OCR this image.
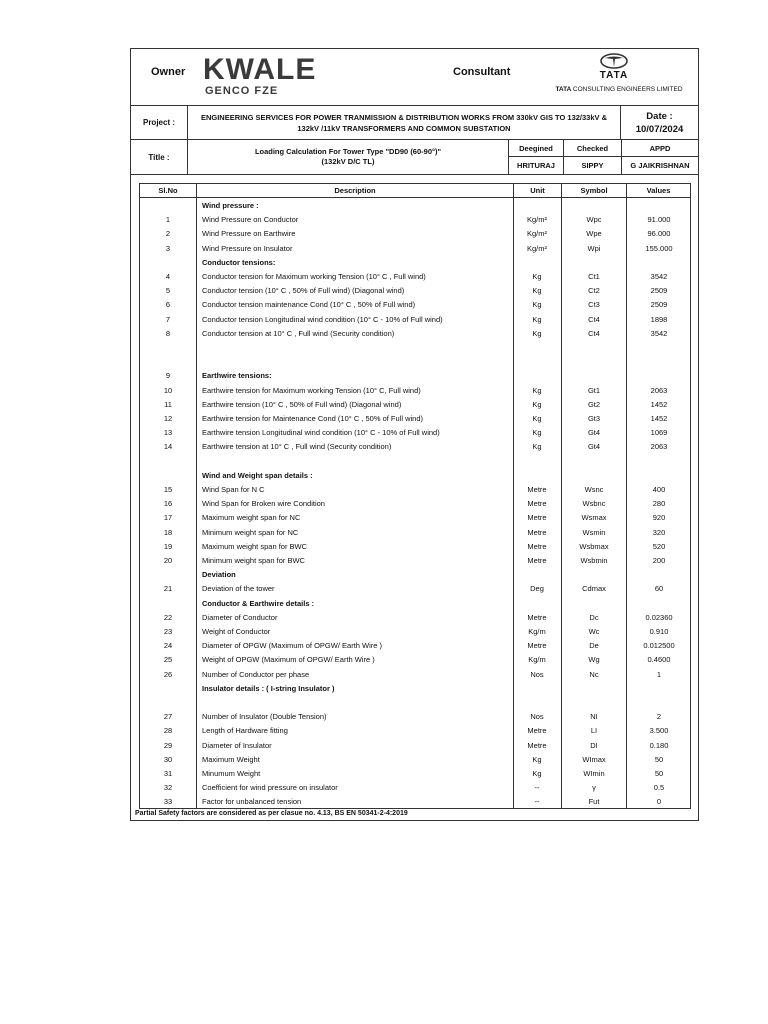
Owner KWALE
GENCO FZE
Consultant	TATA
TATA CONSULTING ENGINEERS LIMITED
Project :
ENGINEERING SERVICES FOR POWER TRANMISSION & DISTRIBUTION WORKS FROM 330kV GIS TO 132/33kV &
132kV /11kV TRANSFORMERS AND COMMON SUBSTATION
Date :
10/07/2024
Title :
Loading Calculation For Tower Type "DD90 (60-90°)"
(132kV D/C TL)
Deegined	Checked	APPD
HRITURAJ	SIPPY	G JAIKRISHNAN
Sl.No	Description	Unit	Symbol	Values
Wind pressure :
1	Wind Pressure on Conductor	Kg/m²	Wpc	91.000
2	Wind Pressure on Earthwire	Kg/m²	Wpe	96.000
3	Wind Pressure on Insulator	Kg/m²	Wpi	155.000
Conductor tensions:
4	Conductor tension for Maximum working Tension (10° C , Full wind)	Kg	Ct1	3542
5	Conductor tension (10° C , 50% of Full wind) (Diagonal wind)	Kg	Ct2	2509
6	Conductor tension maintenance Cond (10° C , 50% of Full wind)	Kg	Ct3	2509
7	Conductor tension Longitudinal wind condition (10° C - 10% of Full wind)	Kg	Ct4	1898
8	Conductor tension at 10° C , Full wind (Security condition)	Kg	Ct4	3542
9	Earthwire tensions:
10	Earthwire tension for Maximum working Tension (10° C, Full wind)	Kg	Gt1	2063
11	Earthwire tension (10° C , 50% of Full wind) (Diagonal wind)	Kg	Gt2	1452
12	Earthwire tension for Maintenance Cond (10° C , 50% of Full wind)	Kg	Gt3	1452
13	Earthwire tension Longitudinal wind condition (10° C - 10% of Full wind)	Kg	Gt4	1069
14	Earthwire tension at 10° C , Full wind (Security condition)	Kg	Gt4	2063
Wind and Weight span details :
15	Wind Span for N C	Metre	Wsnc	400
16	Wind Span for Broken wire Condition	Metre	Wsbnc	280
17	Maximum weight span for NC	Metre	Wsmax	920
18	Minimum weight span for NC	Metre	Wsmin	320
19	Maximum weight span for BWC	Metre	Wsbmax	520
20	Minimum weight span for BWC	Metre	Wsbmin	200
Deviation
21	Deviation of the tower	Deg	Cdmax	60
Conductor & Earthwire details :
22	Diameter of Conductor	Metre	Dc	0.02360
23	Weight of Conductor	Kg/m	Wc	0.910
24	Diameter of OPGW (Maximum of OPGW/ Earth Wire )	Metre	De	0.012500
25	Weight of OPGW (Maximum of OPGW/ Earth Wire )	Kg/m	Wg	0.4600
26	Number of Conductor per phase	Nos	Nc	1
Insulator details : ( I-string Insulator )
27	Number of Insulator (Double Tension)	Nos	NI	2
28	Length of Hardware fitting	Metre	LI	3.500
29	Diameter of Insulator	Metre	DI	0.180
30	Maximum Weight	Kg	WImax	50
31	Minumum Weight	Kg	WImin	50
32	Coefficient for wind pressure on insulator	--	γ	0.5
33	Factor for unbalanced tension	--	Fut	0
Partial Safety factors are considered as per clasue no. 4.13, BS EN 50341-2-4:2019
